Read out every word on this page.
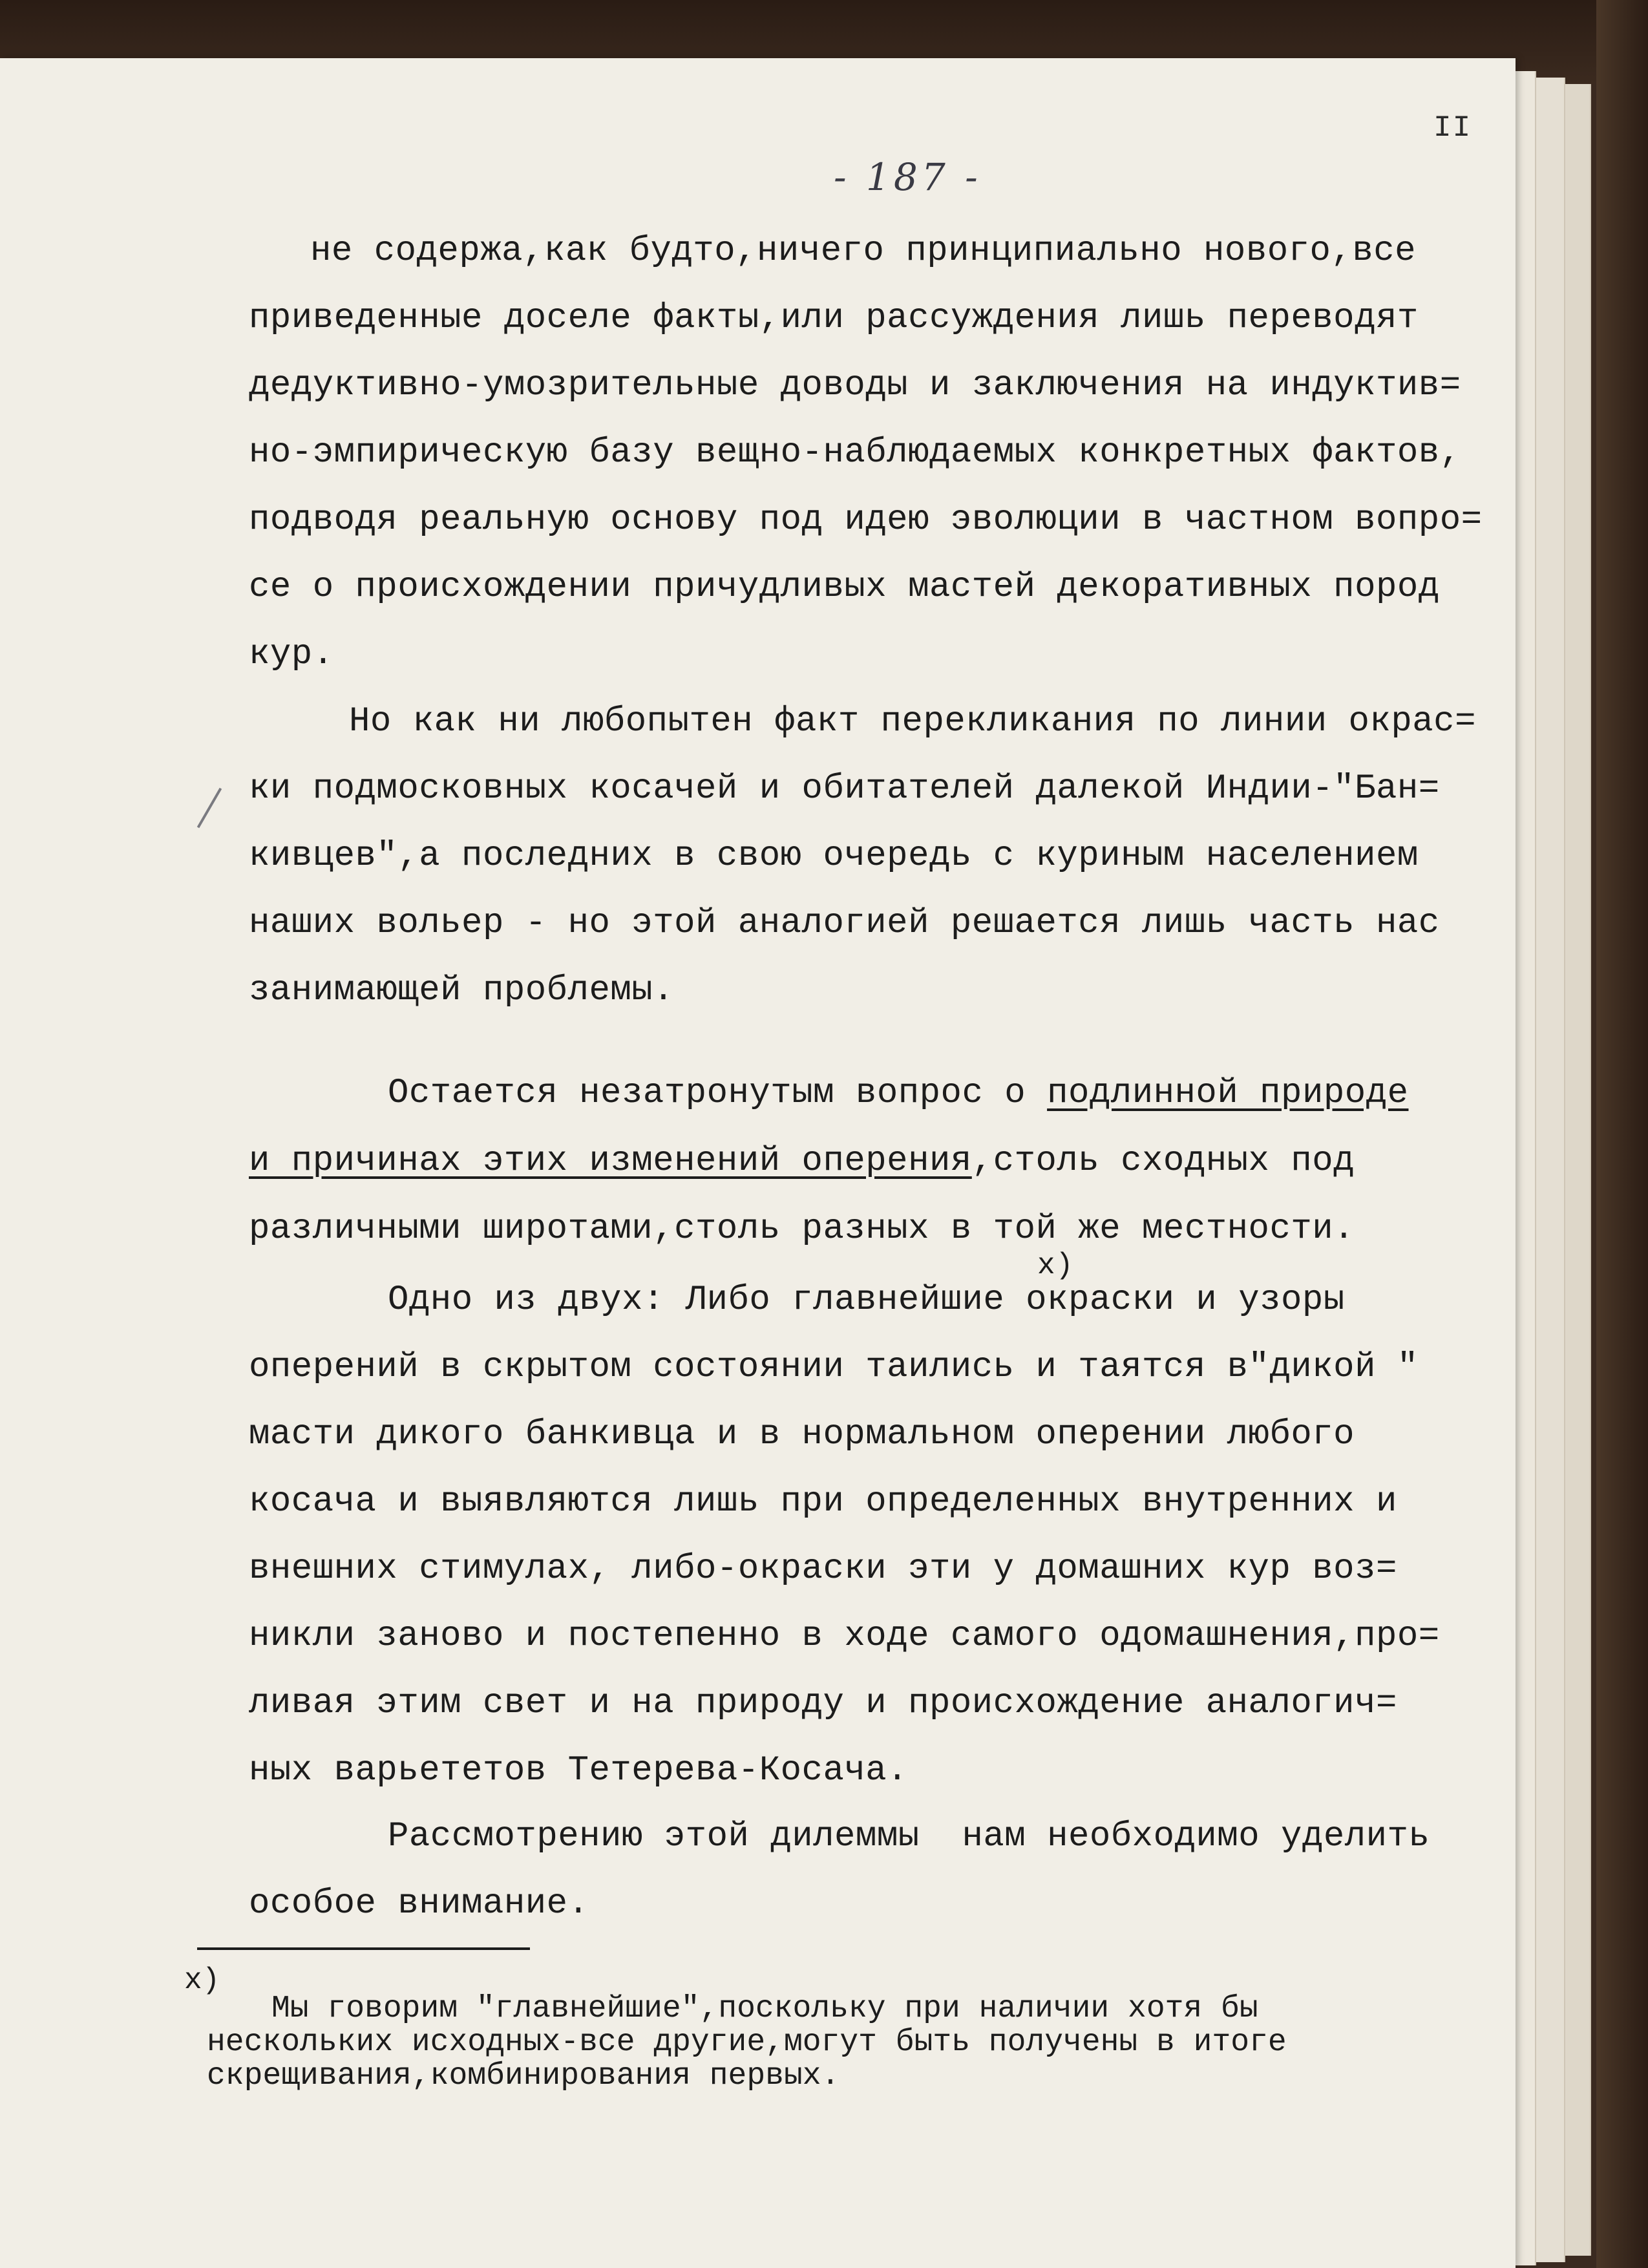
II
- 187 -
не содержа,как будто,ничего принципиально нового,все
приведенные доселе факты,или рассуждения лишь переводят
дедуктивно-умозрительные доводы и заключения на индуктив=
но-эмпирическую базу вещно-наблюдаемых конкретных фактов,
подводя реальную основу под идею эволюции в частном вопро=
се о происхождении причудливых мастей декоративных пород
кур.
Но как ни любопытен факт перекликания по линии окрас=
ки подмосковных косачей и обитателей далекой Индии-"Бан=
кивцев",а последних в свою очередь с куриным населением
наших вольер - но этой аналогией решается лишь часть нас
занимающей проблемы.
Остается незатронутым вопрос о подлинной природе
и причинах этих изменений оперения,столь сходных под
различными широтами,столь разных в той же местности.
х)
Одно из двух: Либо главнейшие окраски и узоры
оперений в скрытом состоянии таились и таятся в"дикой "
масти дикого банкивца и в нормальном оперении любого
косача и выявляются лишь при определенных внутренних и
внешних стимулах, либо-окраски эти у домашних кур воз=
никли заново и постепенно в ходе самого одомашнения,про=
ливая этим свет и на природу и происхождение аналогич=
ных варьететов Тетерева-Косача.
Рассмотрению этой дилеммы  нам необходимо уделить
особое внимание.
х)
Мы говорим "главнейшие",поскольку при наличии хотя бы
нескольких исходных-все другие,могут быть получены в итоге
скрещивания,комбинирования первых.
